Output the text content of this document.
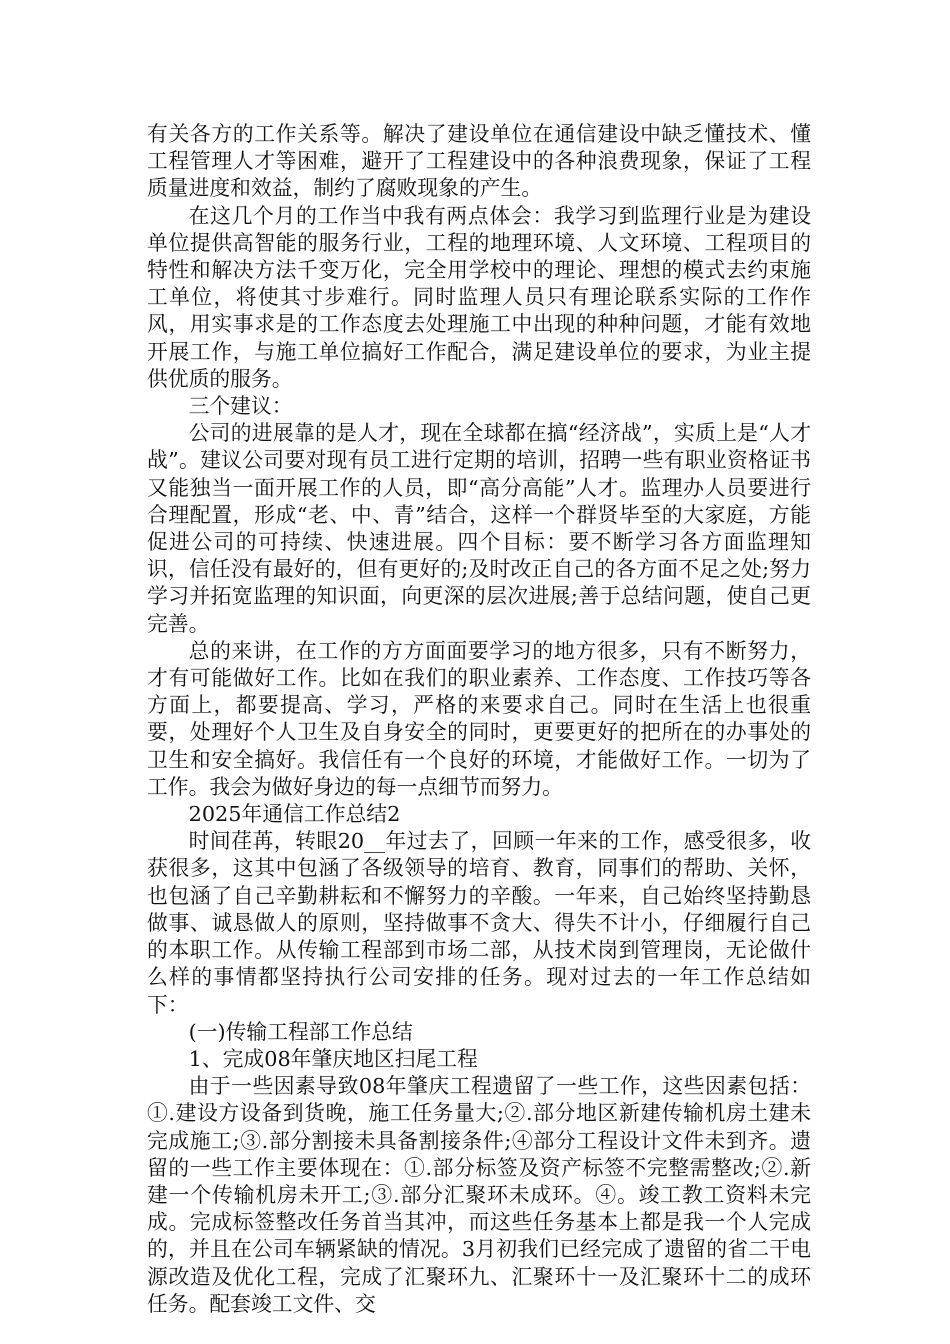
有关各方的工作关系等。解决了建设单位在通信建设中缺乏懂技术、懂工程管理人才等困难，避开了工程建设中的各种浪费现象，保证了工程质量进度和效益，制约了腐败现象的产生。

在这几个月的工作当中我有两点体会：我学习到监理行业是为建设单位提供高智能的服务行业，工程的地理环境、人文环境、工程项目的特性和解决方法千变万化，完全用学校中的理论、理想的模式去约束施工单位，将使其寸步难行。同时监理人员只有理论联系实际的工作作风，用实事求是的工作态度去处理施工中出现的种种问题，才能有效地开展工作，与施工单位搞好工作配合，满足建设单位的要求，为业主提供优质的服务。

三个建议：

公司的进展靠的是人才，现在全球都在搞“经济战”，实质上是“人才战”。建议公司要对现有员工进行定期的培训，招聘一些有职业资格证书又能独当一面开展工作的人员，即“高分高能”人才。监理办人员要进行合理配置，形成“老、中、青”结合，这样一个群贤毕至的大家庭，方能促进公司的可持续、快速进展。四个目标：要不断学习各方面监理知识，信任没有最好的，但有更好的;及时改正自己的各方面不足之处;努力学习并拓宽监理的知识面，向更深的层次进展;善于总结问题，使自己更完善。

总的来讲，在工作的方方面面要学习的地方很多，只有不断努力，才有可能做好工作。比如在我们的职业素养、工作态度、工作技巧等各方面上，都要提高、学习，严格的来要求自己。同时在生活上也很重要，处理好个人卫生及自身安全的同时，更要更好的把所在的办事处的卫生和安全搞好。我信任有一个良好的环境，才能做好工作。一切为了工作。我会为做好身边的每一点细节而努力。

2025年通信工作总结2

时间荏苒，转眼20__年过去了，回顾一年来的工作，感受很多，收获很多，这其中包涵了各级领导的培育、教育，同事们的帮助、关怀，也包涵了自己辛勤耕耘和不懈努力的辛酸。一年来，自己始终坚持勤恳做事、诚恳做人的原则，坚持做事不贪大、得失不计小，仔细履行自己的本职工作。从传输工程部到市场二部，从技术岗到管理岗，无论做什么样的事情都坚持执行公司安排的任务。现对过去的一年工作总结如下：

(一)传输工程部工作总结

1、完成08年肇庆地区扫尾工程

由于一些因素导致08年肇庆工程遗留了一些工作，这些因素包括：①.建设方设备到货晚，施工任务量大;②.部分地区新建传输机房土建未完成施工;③.部分割接未具备割接条件;④部分工程设计文件未到齐。遗留的一些工作主要体现在：①.部分标签及资产标签不完整需整改;②.新建一个传输机房未开工;③.部分汇聚环未成环。④。竣工教工资料未完成。完成标签整改任务首当其冲，而这些任务基本上都是我一个人完成的，并且在公司车辆紧缺的情况。3月初我们已经完成了遗留的省二干电源改造及优化工程，完成了汇聚环九、汇聚环十一及汇聚环十二的成环任务。配套竣工文件、交
